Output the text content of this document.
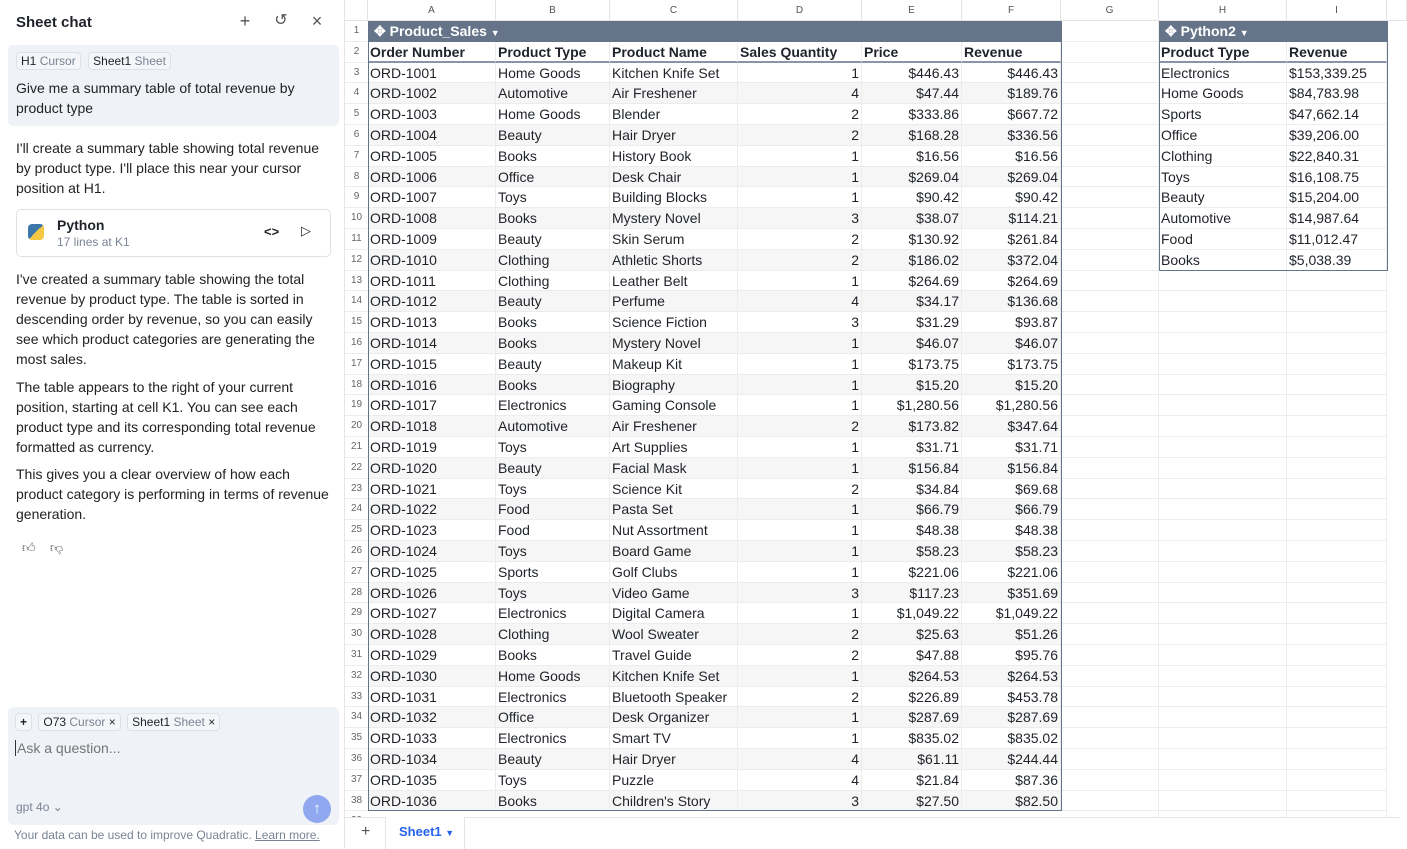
Sheet chat	+	↺	×
H1 Cursor Sheet1 Sheet
Give me a summary table of total revenue by product type
I'll create a summary table showing total revenue by product type. I'll place this near your cursor position at H1.
Python
17 lines at K1
<> ▷
I've created a summary table showing the total revenue by product type. The table is sorted in descending order by revenue, so you can easily see which product categories are generating the most sales.
The table appears to the right of your current position, starting at cell K1. You can see each product type and its corresponding total revenue formatted as currency.
This gives you a clear overview of how each product category is performing in terms of revenue generation.
👍︎ 👎︎
+ O73 Cursor × Sheet1 Sheet ×
Ask a question...
gpt 4o ⌄	↑
Your data can be used to improve Quadratic. Learn more.
A	B	C	D	E	F	G	H	I
1
2
3
4
5
6
7
8
9
10
11
12
13
14
15
16
17
18
19
20
21
22
23
24
25
26
27
28
29
30
31
32
33
34
35
36
37
38
✥ Product_Sales ▼
Order Number	Product Type	Product Name	Sales Quantity	Price	Revenue
ORD-1001	Home Goods	Kitchen Knife Set	1	$446.43	$446.43
ORD-1002	Automotive	Air Freshener	4	$47.44	$189.76
ORD-1003	Home Goods	Blender	2	$333.86	$667.72
ORD-1004	Beauty	Hair Dryer	2	$168.28	$336.56
ORD-1005	Books	History Book	1	$16.56	$16.56
ORD-1006	Office	Desk Chair	1	$269.04	$269.04
ORD-1007	Toys	Building Blocks	1	$90.42	$90.42
ORD-1008	Books	Mystery Novel	3	$38.07	$114.21
ORD-1009	Beauty	Skin Serum	2	$130.92	$261.84
ORD-1010	Clothing	Athletic Shorts	2	$186.02	$372.04
ORD-1011	Clothing	Leather Belt	1	$264.69	$264.69
ORD-1012	Beauty	Perfume	4	$34.17	$136.68
ORD-1013	Books	Science Fiction	3	$31.29	$93.87
ORD-1014	Books	Mystery Novel	1	$46.07	$46.07
ORD-1015	Beauty	Makeup Kit	1	$173.75	$173.75
ORD-1016	Books	Biography	1	$15.20	$15.20
ORD-1017	Electronics	Gaming Console	1	$1,280.56	$1,280.56
ORD-1018	Automotive	Air Freshener	2	$173.82	$347.64
ORD-1019	Toys	Art Supplies	1	$31.71	$31.71
ORD-1020	Beauty	Facial Mask	1	$156.84	$156.84
ORD-1021	Toys	Science Kit	2	$34.84	$69.68
ORD-1022	Food	Pasta Set	1	$66.79	$66.79
ORD-1023	Food	Nut Assortment	1	$48.38	$48.38
ORD-1024	Toys	Board Game	1	$58.23	$58.23
ORD-1025	Sports	Golf Clubs	1	$221.06	$221.06
ORD-1026	Toys	Video Game	3	$117.23	$351.69
ORD-1027	Electronics	Digital Camera	1	$1,049.22	$1,049.22
ORD-1028	Clothing	Wool Sweater	2	$25.63	$51.26
ORD-1029	Books	Travel Guide	2	$47.88	$95.76
ORD-1030	Home Goods	Kitchen Knife Set	1	$264.53	$264.53
ORD-1031	Electronics	Bluetooth Speaker	2	$226.89	$453.78
ORD-1032	Office	Desk Organizer	1	$287.69	$287.69
ORD-1033	Electronics	Smart TV	1	$835.02	$835.02
ORD-1034	Beauty	Hair Dryer	4	$61.11	$244.44
ORD-1035	Toys	Puzzle	4	$21.84	$87.36
ORD-1036	Books	Children's Story	3	$27.50	$82.50
✥ Python2 ▼
Product Type	Revenue
Electronics	$153,339.25
Home Goods	$84,783.98
Sports	$47,662.14
Office	$39,206.00
Clothing	$22,840.31
Toys	$16,108.75
Beauty	$15,204.00
Automotive	$14,987.64
Food	$11,012.47
Books	$5,038.39
+	Sheet1 ▼
